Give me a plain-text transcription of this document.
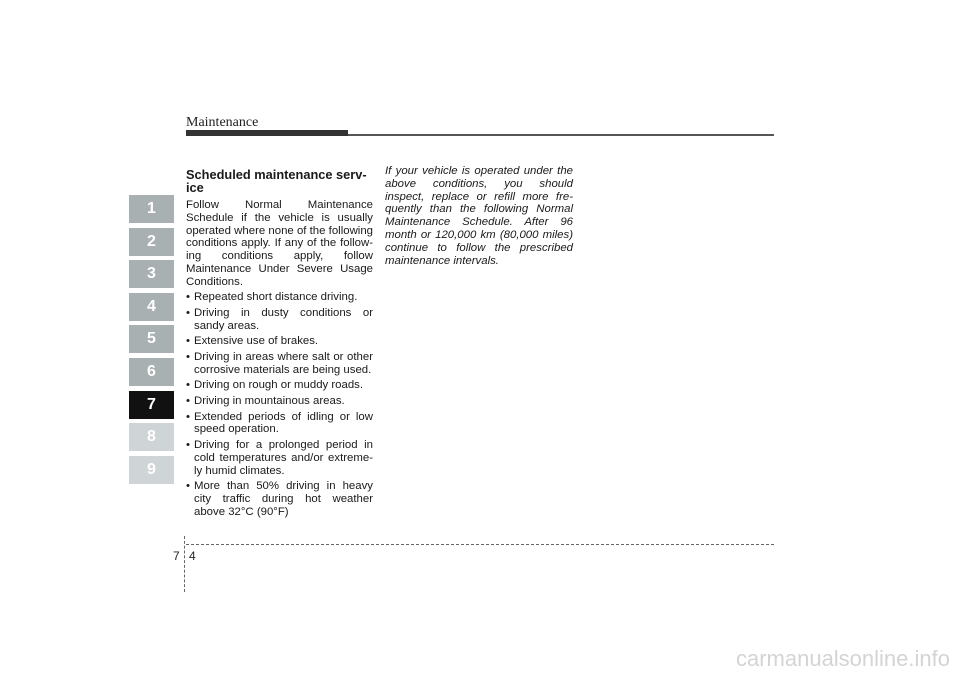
Maintenance
1
2
3
4
5
6
7
8
9
Scheduled maintenance serv-ice

Follow Normal Maintenance Schedule if the vehicle is usually operated where none of the following conditions apply. If any of the follow-ing conditions apply, follow Maintenance Under Severe Usage Conditions.

• Repeated short distance driving.
• Driving in dusty conditions or sandy areas.
• Extensive use of brakes.
• Driving in areas where salt or other corrosive materials are being used.
• Driving on rough or muddy roads.
• Driving in mountainous areas.
• Extended periods of idling or low speed operation.
• Driving for a prolonged period in cold temperatures and/or extreme-ly humid climates.
• More than 50% driving in heavy city traffic during hot weather above 32°C (90°F)
If your vehicle is operated under the above conditions, you should inspect, replace or refill more fre-quently than the following Normal Maintenance Schedule. After 96 month or 120,000 km (80,000 miles) continue to follow the prescribed maintenance intervals.
7 4
carmanualsonline.info
